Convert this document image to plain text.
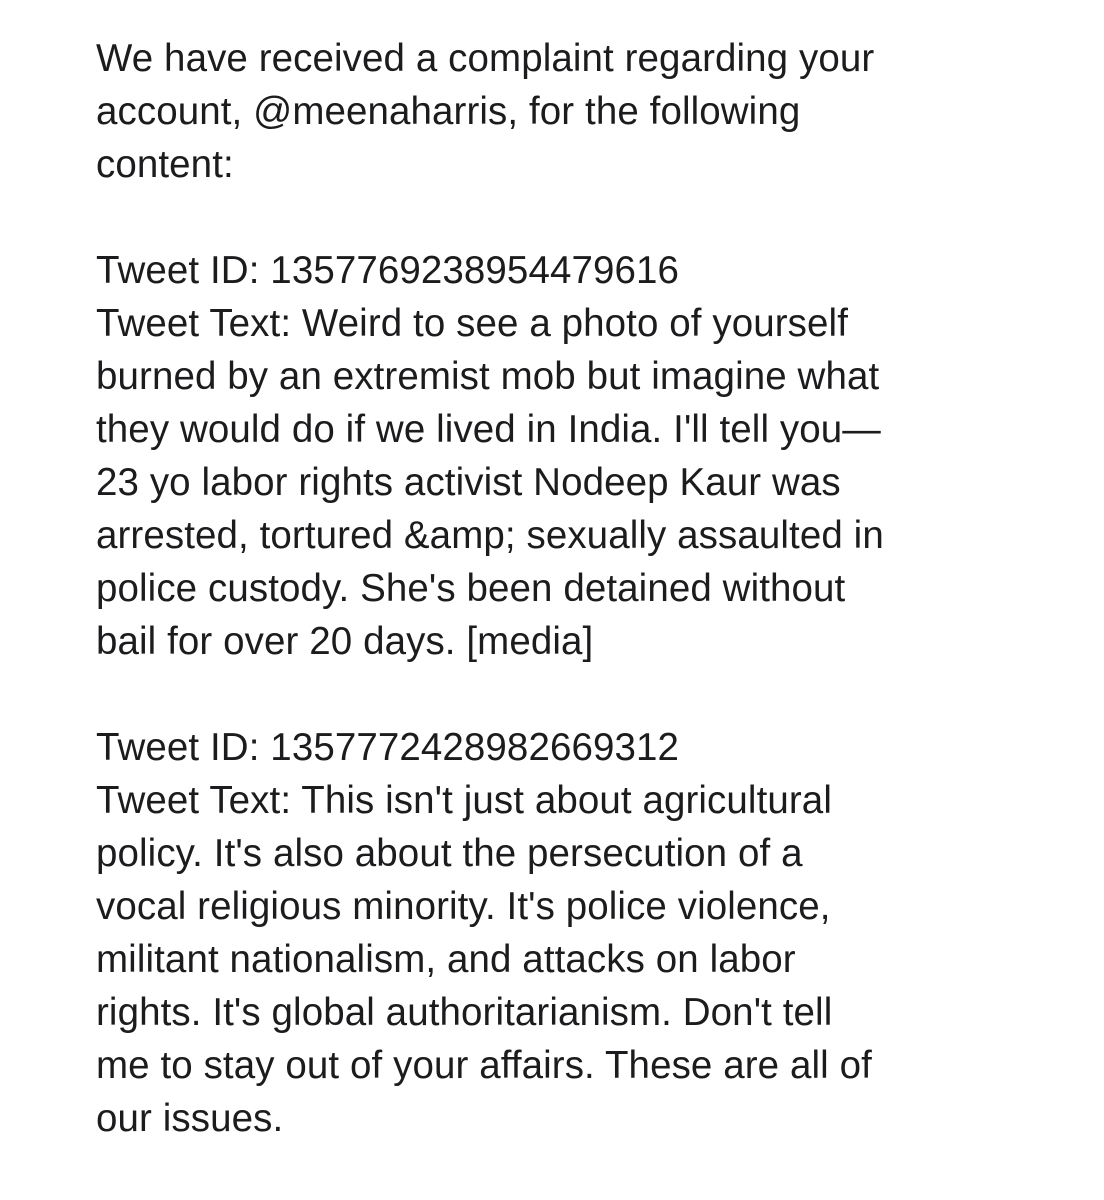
We have received a complaint regarding your
account, @meenaharris, for the following
content:

Tweet ID: 1357769238954479616
Tweet Text: Weird to see a photo of yourself
burned by an extremist mob but imagine what
they would do if we lived in India. I'll tell you—
23 yo labor rights activist Nodeep Kaur was
arrested, tortured &amp; sexually assaulted in
police custody. She's been detained without
bail for over 20 days. [media]

Tweet ID: 1357772428982669312
Tweet Text: This isn't just about agricultural
policy. It's also about the persecution of a
vocal religious minority. It's police violence,
militant nationalism, and attacks on labor
rights. It's global authoritarianism. Don't tell
me to stay out of your affairs. These are all of
our issues.
